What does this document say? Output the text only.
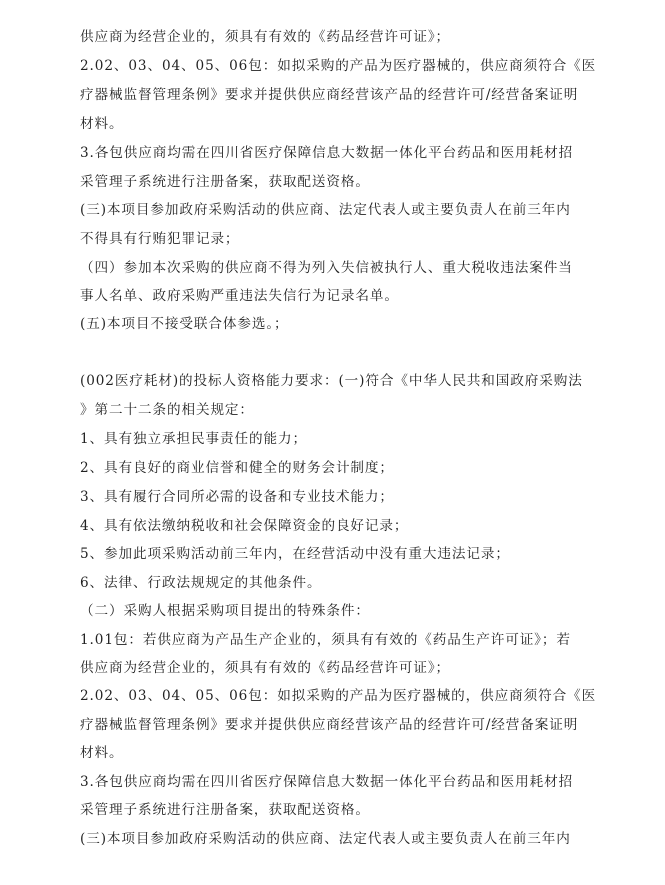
供应商为经营企业的，须具有有效的《药品经营许可证》；
2.02、03、04、05、06包：如拟采购的产品为医疗器械的，供应商须符合《医
疗器械监督管理条例》要求并提供供应商经营该产品的经营许可/经营备案证明
材料。
3.各包供应商均需在四川省医疗保障信息大数据一体化平台药品和医用耗材招
采管理子系统进行注册备案，获取配送资格。
(三)本项目参加政府采购活动的供应商、法定代表人或主要负责人在前三年内
不得具有行贿犯罪记录；
（四）参加本次采购的供应商不得为列入失信被执行人、重大税收违法案件当
事人名单、政府采购严重违法失信行为记录名单。
(五)本项目不接受联合体参选。；
(002医疗耗材)的投标人资格能力要求：(一)符合《中华人民共和国政府采购法
》第二十二条的相关规定：
1、具有独立承担民事责任的能力；
2、具有良好的商业信誉和健全的财务会计制度；
3、具有履行合同所必需的设备和专业技术能力；
4、具有依法缴纳税收和社会保障资金的良好记录；
5、参加此项采购活动前三年内，在经营活动中没有重大违法记录；
6、法律、行政法规规定的其他条件。
（二）采购人根据采购项目提出的特殊条件：
1.01包：若供应商为产品生产企业的，须具有有效的《药品生产许可证》；若
供应商为经营企业的，须具有有效的《药品经营许可证》；
2.02、03、04、05、06包：如拟采购的产品为医疗器械的，供应商须符合《医
疗器械监督管理条例》要求并提供供应商经营该产品的经营许可/经营备案证明
材料。
3.各包供应商均需在四川省医疗保障信息大数据一体化平台药品和医用耗材招
采管理子系统进行注册备案，获取配送资格。
(三)本项目参加政府采购活动的供应商、法定代表人或主要负责人在前三年内
